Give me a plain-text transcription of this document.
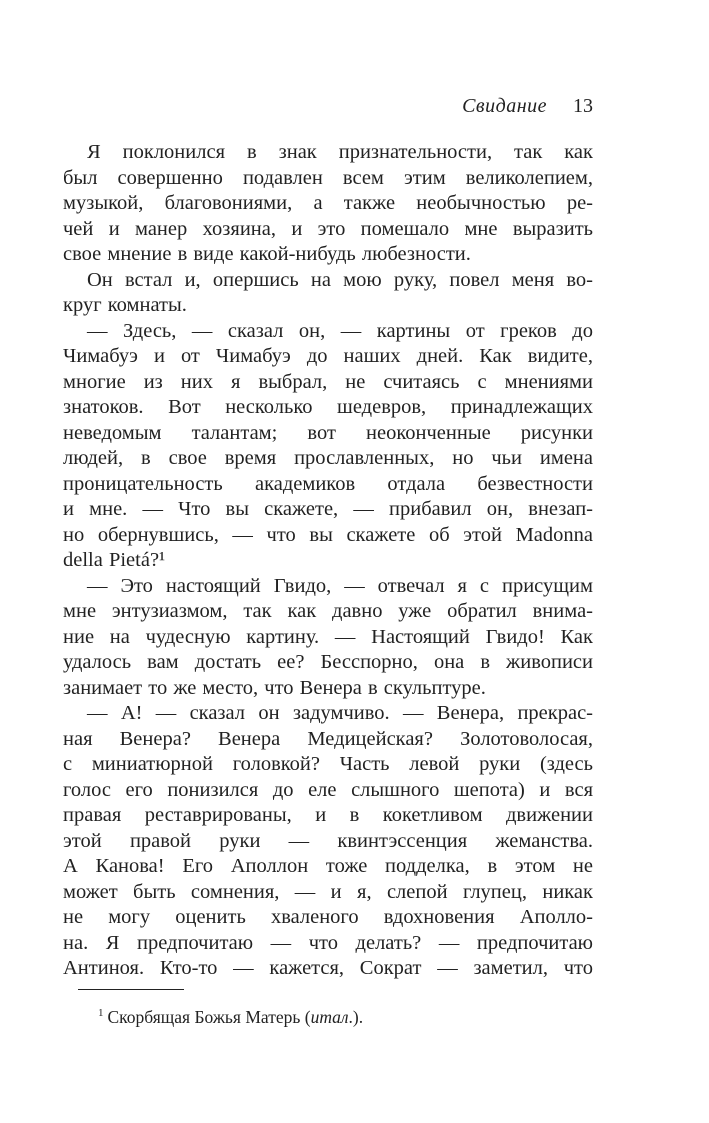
Свидание 13
Я поклонился в знак признательности, так как
был совершенно подавлен всем этим великолепием,
музыкой, благовониями, а также необычностью ре-
чей и манер хозяина, и это помешало мне выразить
свое мнение в виде какой-нибудь любезности.
Он встал и, опершись на мою руку, повел меня во-
круг комнаты.
— Здесь, — сказал он, — картины от греков до
Чимабуэ и от Чимабуэ до наших дней. Как видите,
многие из них я выбрал, не считаясь с мнениями
знатоков. Вот несколько шедевров, принадлежащих
неведомым талантам; вот неоконченные рисунки
людей, в свое время прославленных, но чьи имена
проницательность академиков отдала безвестности
и мне. — Что вы скажете, — прибавил он, внезап-
но обернувшись, — что вы скажете об этой Madonna
della Pietá?¹
— Это настоящий Гвидо, — отвечал я с присущим
мне энтузиазмом, так как давно уже обратил внима-
ние на чудесную картину. — Настоящий Гвидо! Как
удалось вам достать ее? Бесспорно, она в живописи
занимает то же место, что Венера в скульптуре.
— А! — сказал он задумчиво. — Венера, прекрас-
ная Венера? Венера Медицейская? Золотоволосая,
с миниатюрной головкой? Часть левой руки (здесь
голос его понизился до еле слышного шепота) и вся
правая реставрированы, и в кокетливом движении
этой правой руки — квинтэссенция жеманства.
А Канова! Его Аполлон тоже подделка, в этом не
может быть сомнения, — и я, слепой глупец, никак
не могу оценить хваленого вдохновения Аполло-
на. Я предпочитаю — что делать? — предпочитаю
Антиноя. Кто-то — кажется, Сократ — заметил, что
$^1$ Скорбящая Божья Матерь (итал.).
